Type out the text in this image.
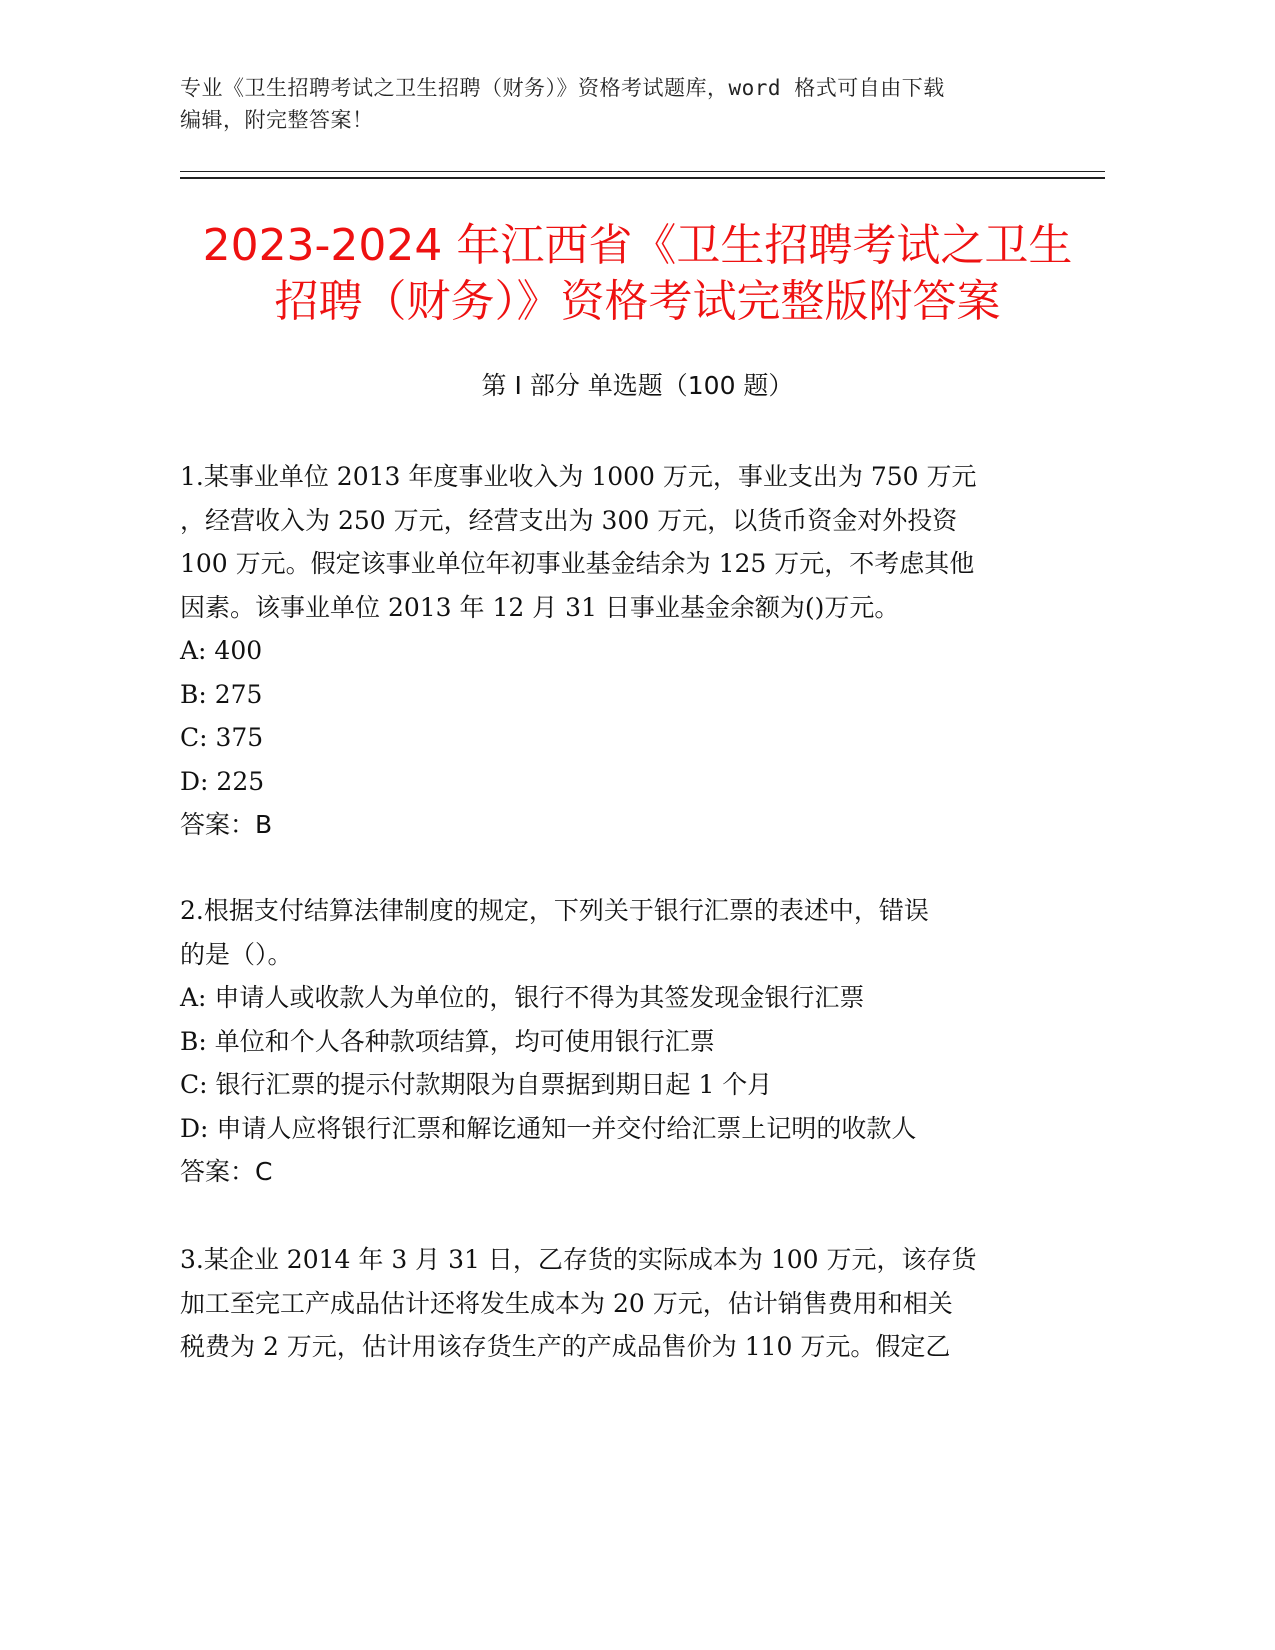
专业《卫生招聘考试之卫生招聘（财务）》资格考试题库，word 格式可自由下载
编辑，附完整答案！
2023-2024 年江西省《卫生招聘考试之卫生
招聘（财务）》资格考试完整版附答案
第 I 部分 单选题（100 题）

1.某事业单位 2013 年度事业收入为 1000 万元，事业支出为 750 万元

，经营收入为 250 万元，经营支出为 300 万元，以货币资金对外投资

100 万元。假定该事业单位年初事业基金结余为 125 万元，不考虑其他

因素。该事业单位 2013 年 12 月 31 日事业基金余额为()万元。

A: 400

B: 275

C: 375

D: 225

答案：B

2.根据支付结算法律制度的规定，下列关于银行汇票的表述中，错误

的是（）。

A: 申请人或收款人为单位的，银行不得为其签发现金银行汇票

B: 单位和个人各种款项结算，均可使用银行汇票

C: 银行汇票的提示付款期限为自票据到期日起 1 个月

D: 申请人应将银行汇票和解讫通知一并交付给汇票上记明的收款人

答案：C

3.某企业 2014 年 3 月 31 日，乙存货的实际成本为 100 万元，该存货

加工至完工产成品估计还将发生成本为 20 万元，估计销售费用和相关

税费为 2 万元，估计用该存货生产的产成品售价为 110 万元。假定乙
